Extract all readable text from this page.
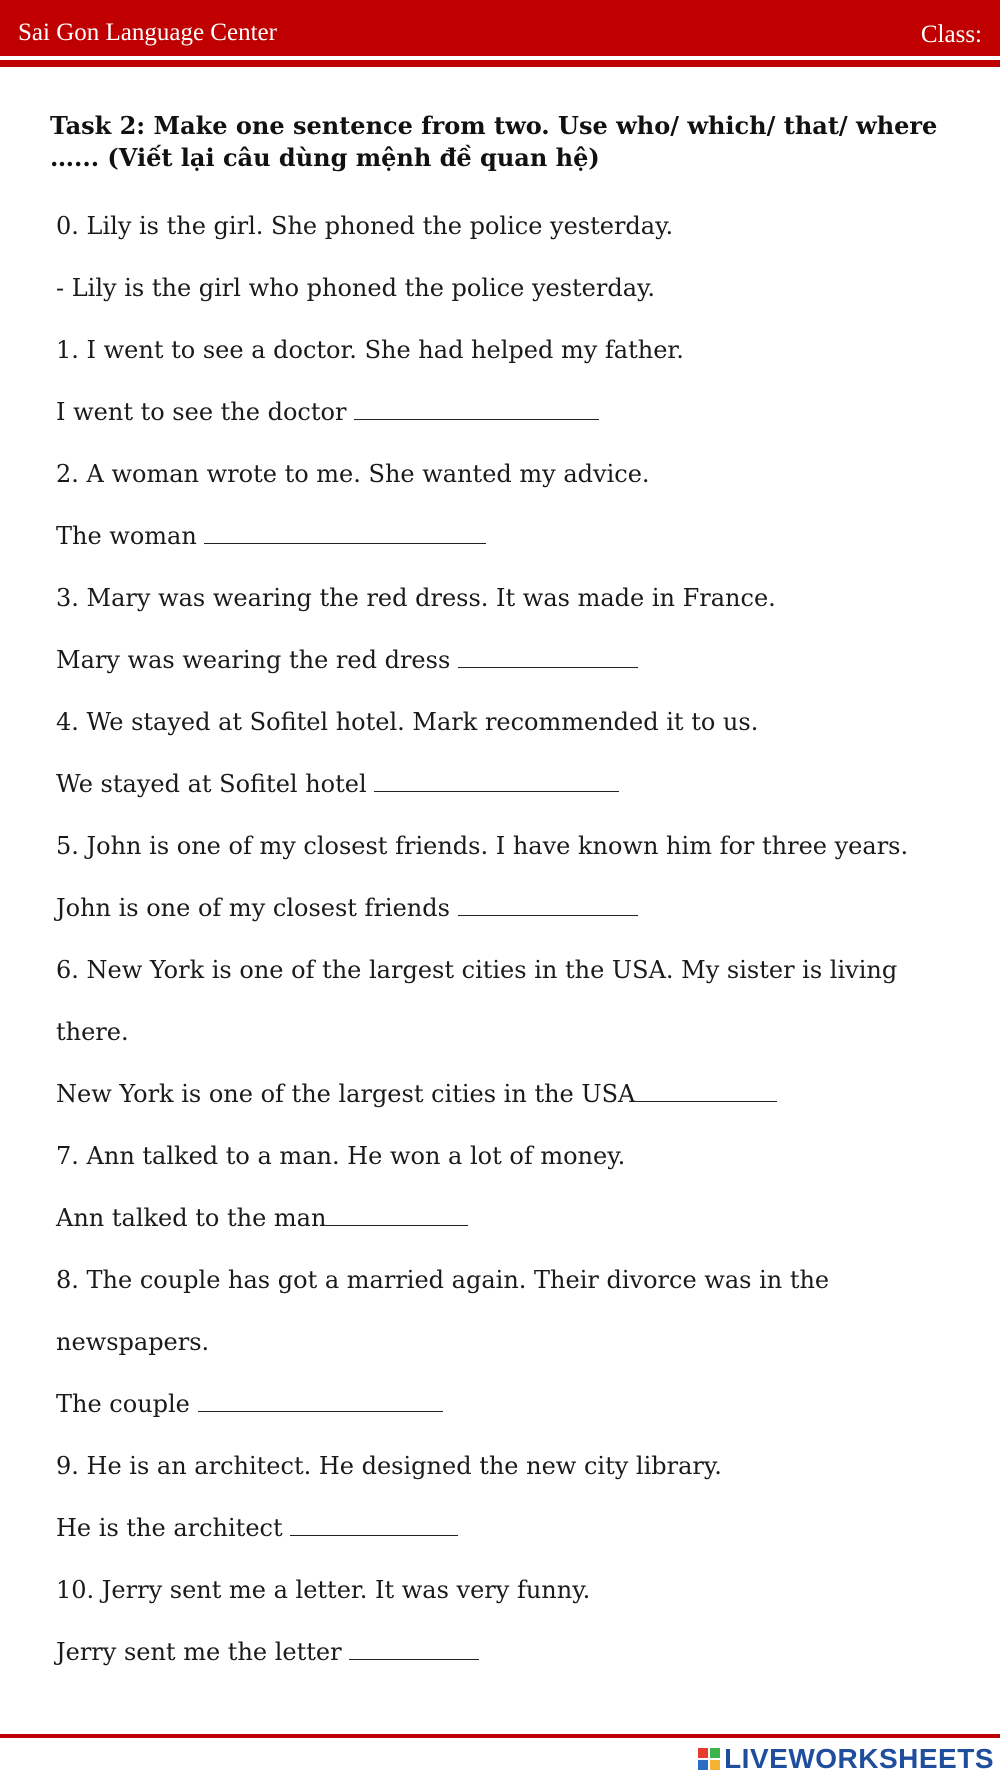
Sai Gon Language Center	Class:
Task 2: Make one sentence from two. Use who/ which/ that/ where …... (Viết lại câu dùng mệnh đề quan hệ)
0. Lily is the girl. She phoned the police yesterday.
- Lily is the girl who phoned the police yesterday.
1. I went to see a doctor. She had helped my father.
I went to see the doctor
2. A woman wrote to me. She wanted my advice.
The woman
3. Mary was wearing the red dress. It was made in France.
Mary was wearing the red dress
4. We stayed at Sofitel hotel. Mark recommended it to us.
We stayed at Sofitel hotel
5. John is one of my closest friends. I have known him for three years.
John is one of my closest friends
6. New York is one of the largest cities in the USA. My sister is living
there.
New York is one of the largest cities in the USA
7. Ann talked to a man. He won a lot of money.
Ann talked to the man
8. The couple has got a married again. Their divorce was in the
newspapers.
The couple
9. He is an architect. He designed the new city library.
He is the architect
10. Jerry sent me a letter. It was very funny.
Jerry sent me the letter
LIVEWORKSHEETS
